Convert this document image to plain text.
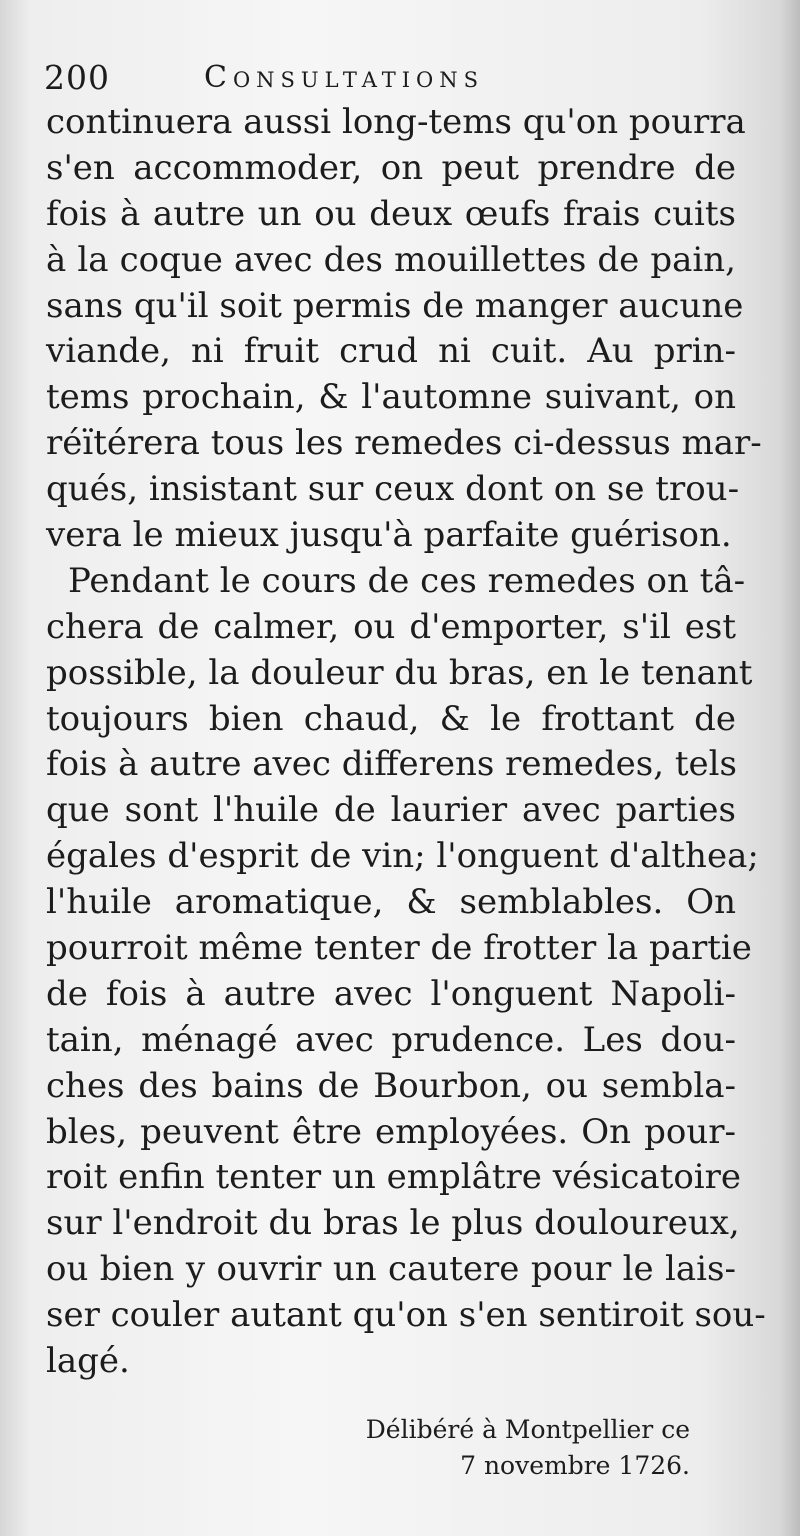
200	Consultations
continuera aussi long-tems qu'on pourra
s'en accommoder, on peut prendre de
fois à autre un ou deux œufs frais cuits
à la coque avec des mouillettes de pain,
sans qu'il soit permis de manger aucune
viande, ni fruit crud ni cuit. Au prin-
tems prochain, & l'automne suivant, on
réïtérera tous les remedes ci-dessus mar-
qués, insistant sur ceux dont on se trou-
vera le mieux jusqu'à parfaite guérison.
Pendant le cours de ces remedes on tâ-
chera de calmer, ou d'emporter, s'il est
possible, la douleur du bras, en le tenant
toujours bien chaud, & le frottant de
fois à autre avec differens remedes, tels
que sont l'huile de laurier avec parties
égales d'esprit de vin; l'onguent d'althea;
l'huile aromatique, & semblables. On
pourroit même tenter de frotter la partie
de fois à autre avec l'onguent Napoli-
tain, ménagé avec prudence. Les dou-
ches des bains de Bourbon, ou sembla-
bles, peuvent être employées. On pour-
roit enfin tenter un emplâtre vésicatoire
sur l'endroit du bras le plus douloureux,
ou bien y ouvrir un cautere pour le lais-
ser couler autant qu'on s'en sentiroit sou-
lagé.
Délibéré à Montpellier ce
7 novembre 1726.
